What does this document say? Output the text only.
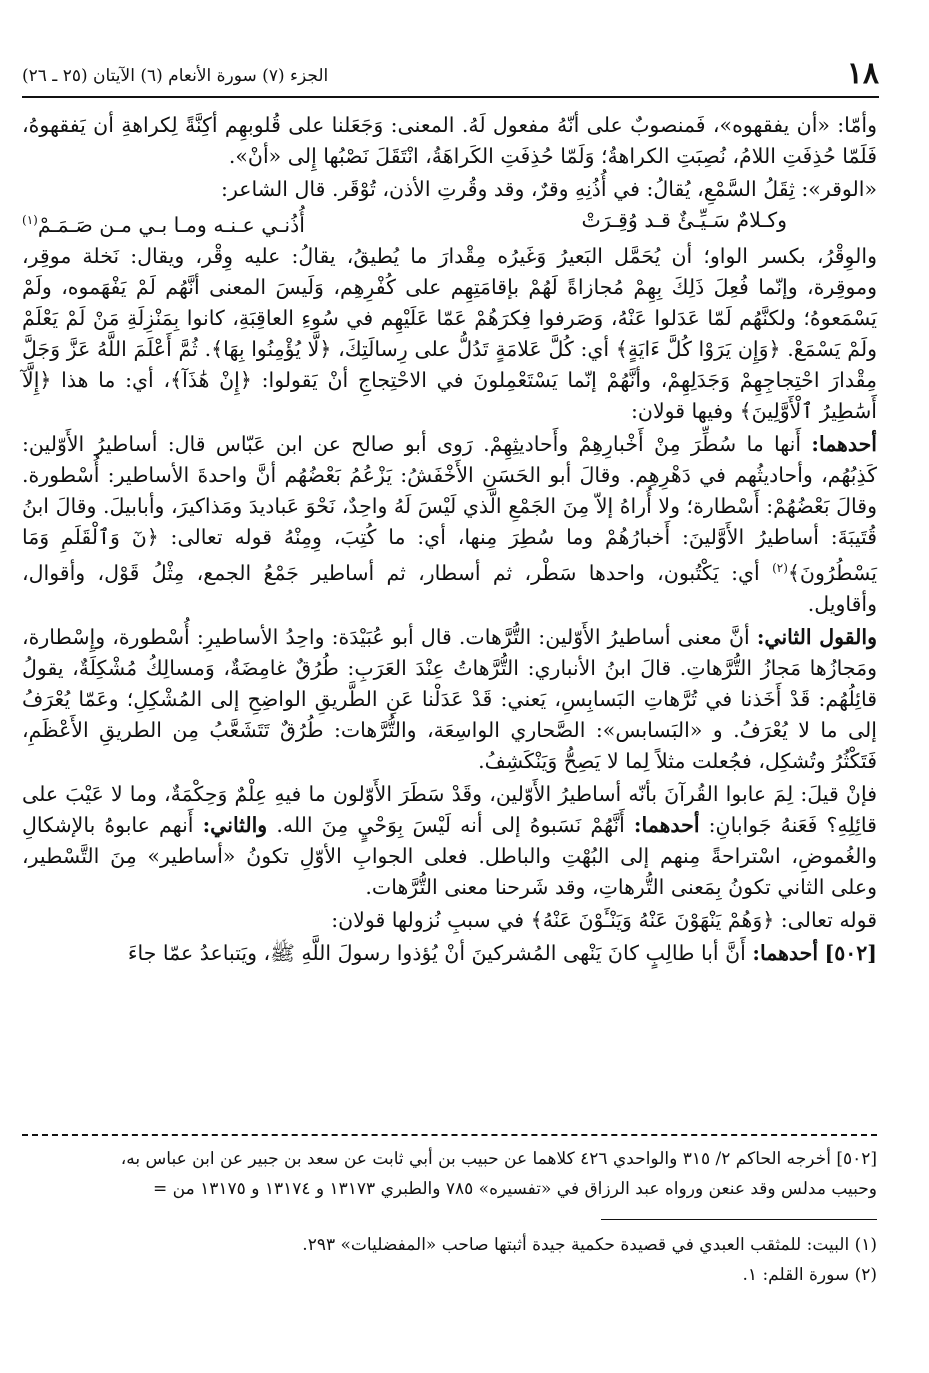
١٨
الجزء (٧) سورة الأنعام (٦) الآيتان (٢٥ ـ ٢٦)

وأمّا: «أن يفقهوه»، فَمنصوبٌ على أنّهُ مفعول لَهُ. المعنى: وَجَعَلنا على قُلوبهِم أكِنَّةً لِكراهةِ أن يَفقهوهُ، فَلَمّا حُذِفَتِ اللامُ، نُصِبَتِ الكراهةُ؛ وَلَمّا حُذِفَتِ الكَراهَةُ، انْتَقَلَ نَصْبُها إِلى «أنْ».

«الوقر»: ثِقَلُ السَّمْعِ، يُقالُ: في أُذُنِهِ وقرٌ، وقد وقُرتِ الأذن، تُوْقَر. قال الشاعر:

وكـلامٌ سَـيِّـئٌ قـد وُقِـرَتْ
أُذُنـي عـنـه ومـا بـي مـن صَـمَـمْ$^{(١)}$

والوِقْرُ، بكسر الواو؛ أن يُحَمَّل البَعيرُ وَغَيرُه مِقْدارَ ما يُطيقُ، يقالُ: عليه وِقْر، ويقال: نَخلة موقِر، وموقِرة، وإنّما فُعِلَ ذَلِكَ بِهِمْ مُجازاةً لَهُمْ بإقامَتِهِم على كُفْرِهِم، وَلَيسَ المعنى أنَّهُم لَمْ يَفْهَموه، ولَمْ يَسْمَعوهُ؛ ولكنَّهُم لَمّا عَدَلوا عَنْهُ، وَصَرفوا فِكرَهُمْ عَمّا عَلَيْهِم في سُوءِ العاقِبَةِ، كانوا بِمَنْزِلَةِ مَنْ لَمْ يَعْلَمْ ولَمْ يَسْمَعْ. ﴿وَإِن يَرَوْا كُلَّ ءَايَةٍ﴾ أي: كُلَّ عَلامَةٍ تَدُلُّ على رِسالَتِكَ، ﴿لَّا يُؤْمِنُوا بِهَا﴾. ثُمَّ أَعْلَمَ اللَّهُ عَزَّ وَجَلَّ مِقْدارَ احْتِجاجِهِمْ وَجَدَلِهِمْ، وأنَّهُمْ إنّما يَسْتَعْمِلونَ في الاحْتِجاجِ أنْ يَقولوا: ﴿إِنْ هَٰذَآ﴾، أي: ما هذا ﴿إِلَّآ أَسَٰطِيرُ ٱلْأَوَّلِينَ﴾ وفيها قولان:

أحدهما: أَنها ما سُطِّرَ مِنْ أَخْبارِهِمْ وأَحاديثِهِمْ. رَوى أبو صالح عن ابن عَبّاس قال: أساطيرُ الأَوّلين: كَذِبُهُم، وأحاديثُهم في دَهْرِهِم. وقالَ أبو الحَسَنِ الأَخْفَشُ: يَزْعُمُ بَعْضُهُم أنَّ واحدةَ الأساطير: أُسْطورة. وقالَ بَعْضُهُمْ: أَسْطارة؛ ولا أُراهُ إلاّ مِنَ الجَمْعِ الَّذي لَيْسَ لَهُ واحِدٌ، نَحْوَ عَباديدَ ومَذاكيرَ، وأبابيلَ. وقالَ ابنُ قُتَيبَةَ: أساطيرُ الأَوَّلينَ: أَخبارُهُمْ وما سُطِرَ مِنها، أي: ما كُتِبَ، وِمِنْهُ قوله تعالى: ﴿نٓ وَٱلْقَلَمِ وَمَا يَسْطُرُونَ﴾$^{(٢)}$ أي: يَكْتُبون، واحدها سَطْر، ثم أسطار، ثم أساطير جَمْعُ الجمع، مِثْلُ قَوْل، وأقوال، وأقاويل.

والقول الثاني: أنَّ معنى أساطيرُ الأَوّلين: التُّرَّهات. قال أبو عُبَيْدَة: واحِدُ الأساطيرِ: أُسْطورة، وإِسْطارة، ومَجازُها مَجازُ التُّرَّهاتِ. قالَ ابنُ الأنباري: التُّرَّهاتُ عِنْدَ العَرَبِ: طُرُقٌ غامِضَةٌ، وَمسالِكُ مُشْكِلَةٌ، يقولُ قائِلُهُم: قَدْ أَخَذنا في تُرَّهاتِ البَسابِسِ، يَعني: قَدْ عَدَلْنا عَنِ الطَّريقِ الواضِحِ إلى المُشْكِلِ؛ وعَمّا يُعْرَفُ إلى ما لا يُعْرَفُ. و «البَسابس»: الصَّحاري الواسِعَة، والتُّرَّهات: طُرُقٌ تَتَشَعَّبُ مِن الطريقِ الأَعْظَمِ، فَتَكْثُرُ وتُشكِل، فجُعلت مثلاً لِما لا يَصِحُّ وَيَنْكَشِفُ.

فإنْ قيلَ: لِمَ عابوا القُرآنَ بأنّه أساطيرُ الأَوّلين، وقَدْ سَطَرَ الأَوّلون ما فيهِ عِلْمٌ وَحِكْمَةٌ، وما لا عَيْبَ على قائِلِهِ؟ فَعَنهُ جَوابانِ: أحدهما: أَنَّهُمْ نَسَبوهُ إلى أنه لَيْسَ بِوَحْيٍ مِنَ الله. والثاني: أَنهم عابوهُ بالإشكالِ والغُموضِ، اسْتراحةً مِنهم إلى البُهْتِ والباطل. فعلى الجوابِ الأوّلِ تكونُ «أساطير» مِنَ التَّسْطير، وعلى الثاني تكونُ بِمَعنى التُّرهاتِ، وقد شَرحنا معنى التُّرَّهات.

قوله تعالى: ﴿وَهُمْ يَنْهَوْنَ عَنْهُ وَيَنْـَٔوْنَ عَنْهُ﴾ في سببِ نُزولها قولان:

[٥٠٢] أحدهما: أَنَّ أبا طالِبٍ كانَ يَنْهى المُشركينَ أنْ يُؤذوا رسولَ اللَّهِ ﷺ، ويَتباعدُ عمّا جاءَ

[٥٠٢] أخرجه الحاكم ٢/ ٣١٥ والواحدي ٤٢٦ كلاهما عن حبيب بن أبي ثابت عن سعد بن جبير عن ابن عباس به،
وحبيب مدلس وقد عنعن ورواه عبد الرزاق في «تفسيره» ٧٨٥ والطبري ١٣١٧٣ و ١٣١٧٤ و ١٣١٧٥ من =
(١) البيت: للمثقب العبدي في قصيدة حكمية جيدة أثبتها صاحب «المفضليات» ٢٩٣.
(٢) سورة القلم: ١.
